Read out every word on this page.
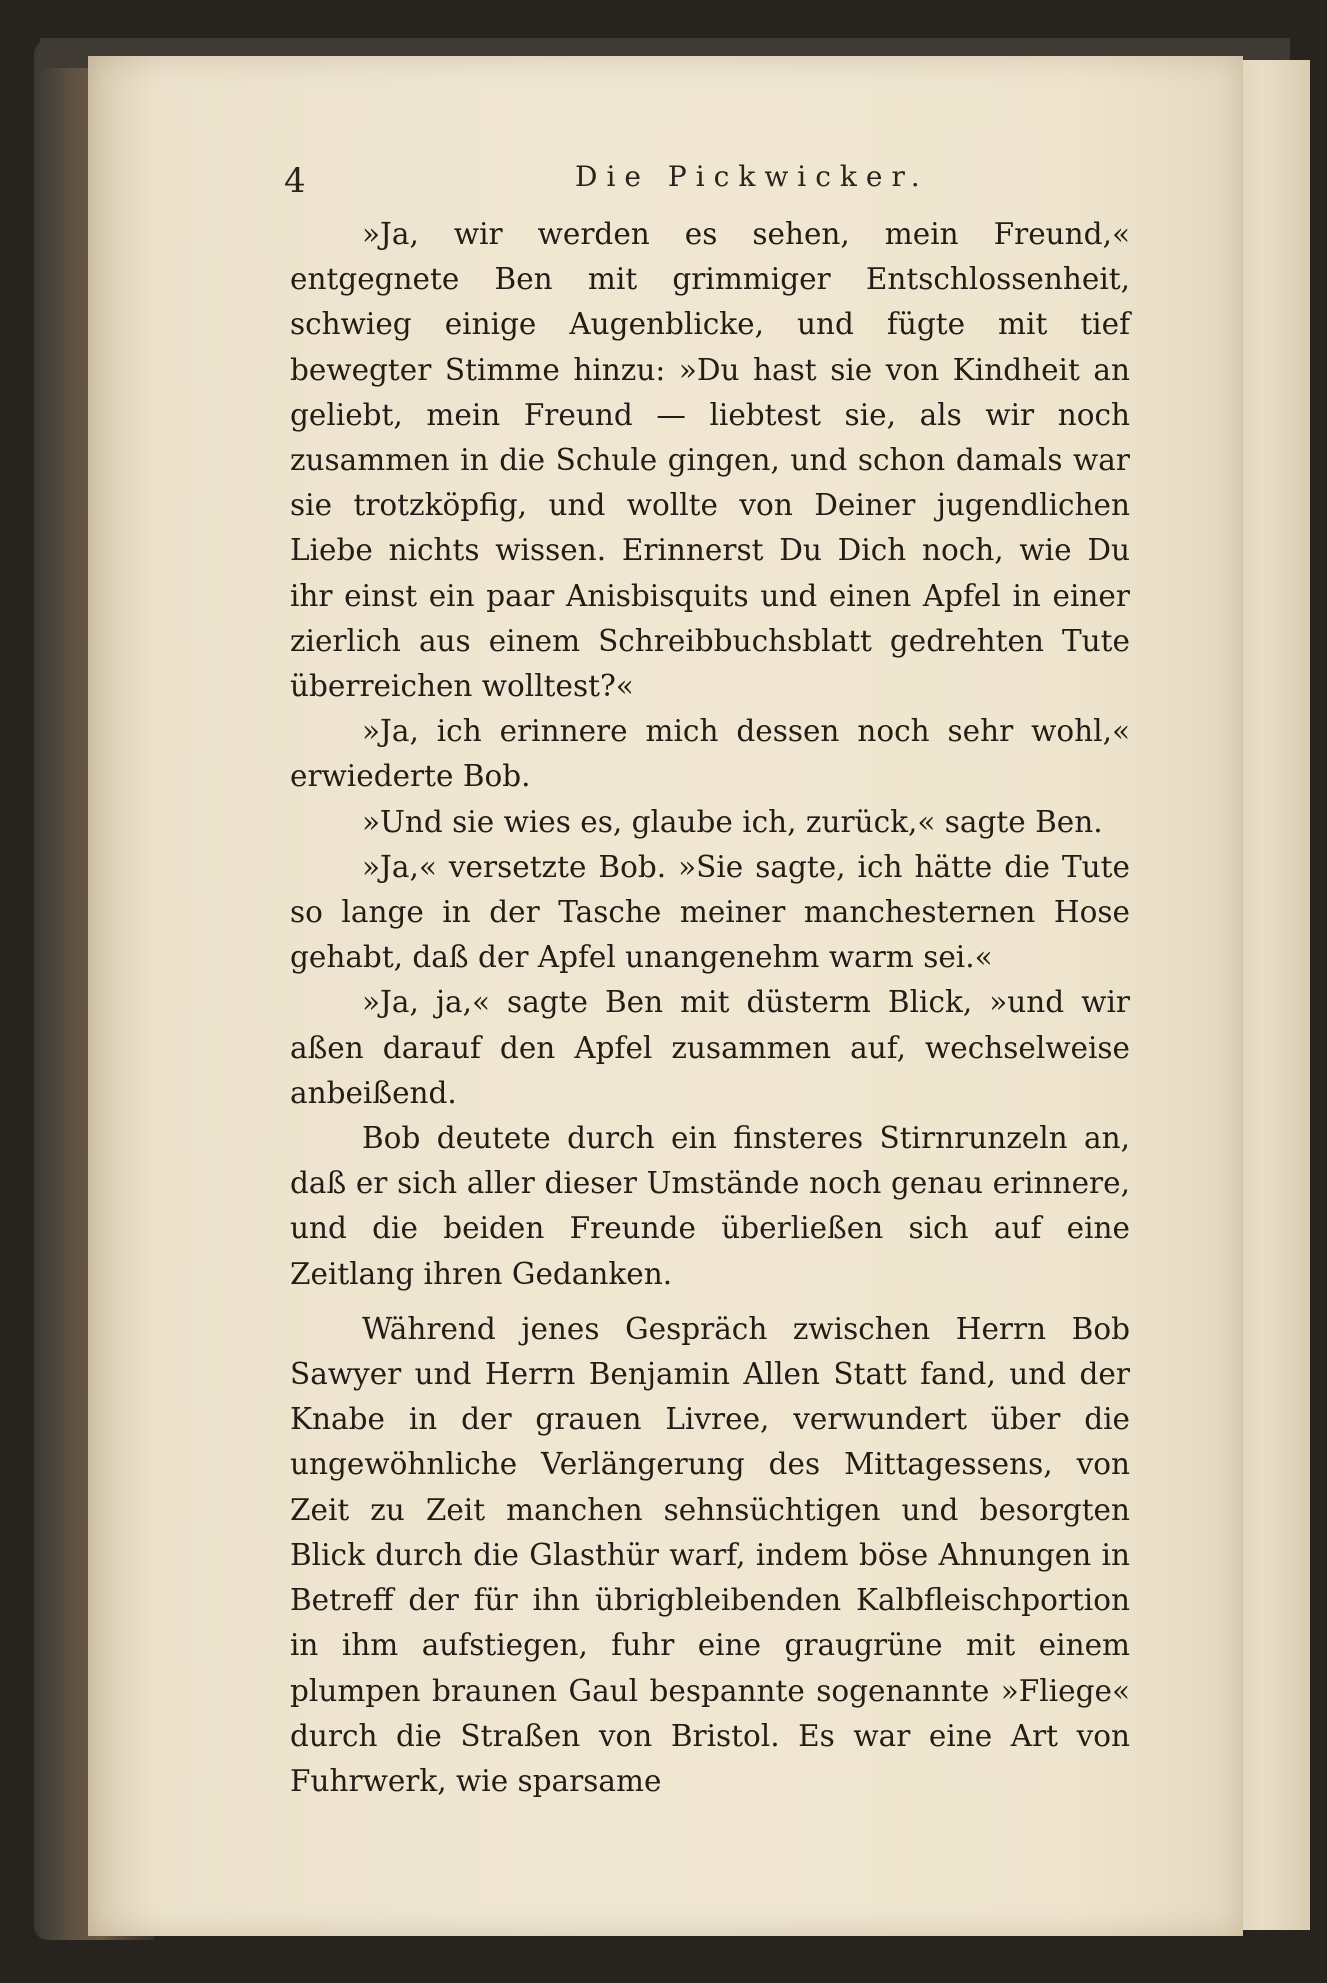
4	Die Pickwicker.

»Ja, wir werden es sehen, mein Freund,« entgegnete Ben mit grimmiger Entschlossenheit, schwieg einige Augenblicke, und fügte mit tief bewegter Stimme hinzu: »Du hast sie von Kindheit an geliebt, mein Freund — liebtest sie, als wir noch zusammen in die Schule gingen, und schon damals war sie trotzköpfig, und wollte von Deiner jugendlichen Liebe nichts wissen. Erinnerst Du Dich noch, wie Du ihr einst ein paar Anisbisquits und einen Apfel in einer zierlich aus einem Schreibbuchsblatt gedrehten Tute überreichen wolltest?«

»Ja, ich erinnere mich dessen noch sehr wohl,« erwiederte Bob.

»Und sie wies es, glaube ich, zurück,« sagte Ben.

»Ja,« versetzte Bob. »Sie sagte, ich hätte die Tute so lange in der Tasche meiner manchesternen Hose gehabt, daß der Apfel unangenehm warm sei.«

»Ja, ja,« sagte Ben mit düsterm Blick, »und wir aßen darauf den Apfel zusammen auf, wechselweise anbeißend.

Bob deutete durch ein finsteres Stirnrunzeln an, daß er sich aller dieser Umstände noch genau erinnere, und die beiden Freunde überließen sich auf eine Zeitlang ihren Gedanken.

Während jenes Gespräch zwischen Herrn Bob Sawyer und Herrn Benjamin Allen Statt fand, und der Knabe in der grauen Livree, verwundert über die ungewöhnliche Verlängerung des Mittagessens, von Zeit zu Zeit manchen sehnsüchtigen und besorgten Blick durch die Glasthür warf, indem böse Ahnungen in Betreff der für ihn übrigbleibenden Kalbfleischportion in ihm aufstiegen, fuhr eine graugrüne mit einem plumpen braunen Gaul bespannte sogenannte »Fliege« durch die Straßen von Bristol. Es war eine Art von Fuhrwerk, wie sparsame
